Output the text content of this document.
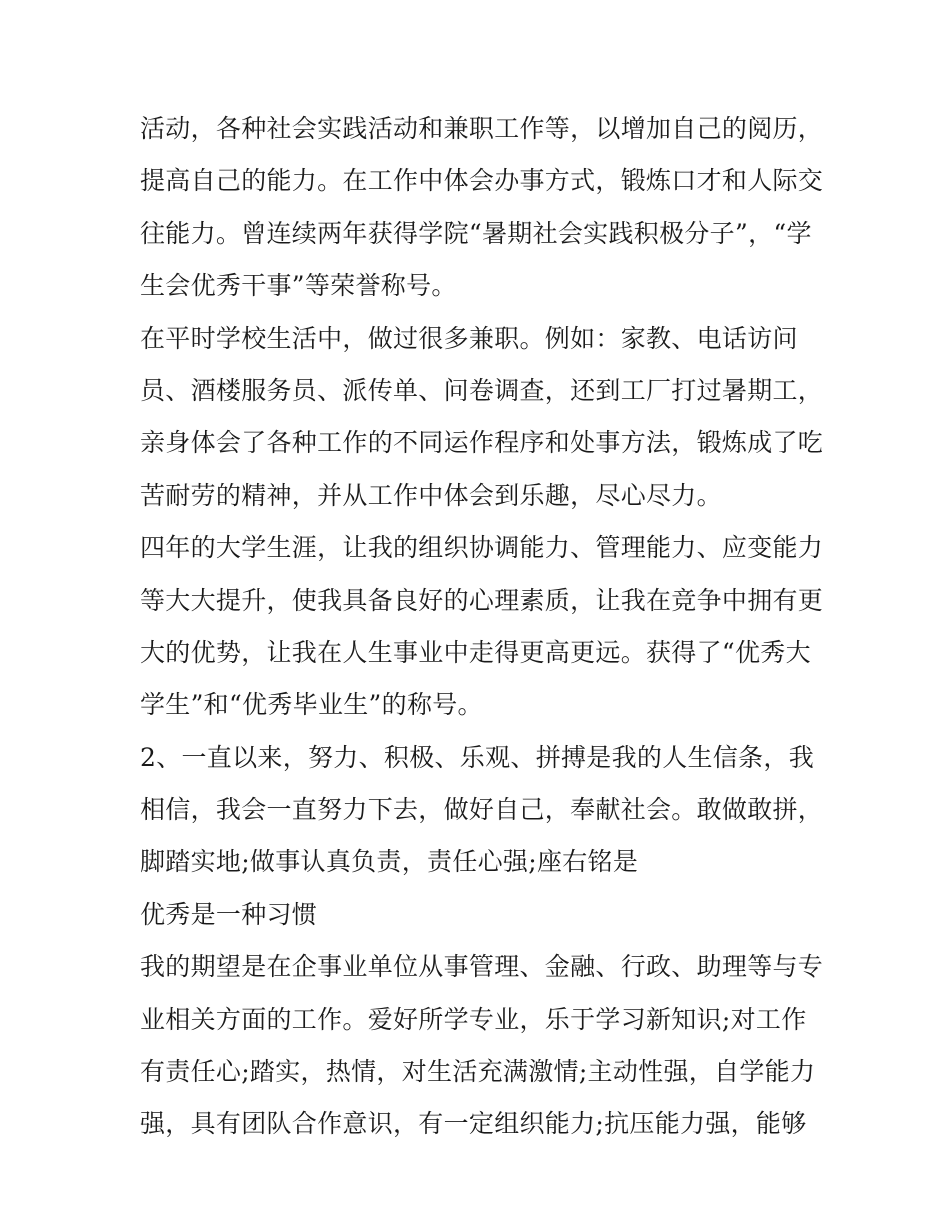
活动，各种社会实践活动和兼职工作等，以增加自己的阅历，
提高自己的能力。在工作中体会办事方式，锻炼口才和人际交
往能力。曾连续两年获得学院“暑期社会实践积极分子”，“学
生会优秀干事”等荣誉称号。
在平时学校生活中，做过很多兼职。例如：家教、电话访问
员、酒楼服务员、派传单、问卷调查，还到工厂打过暑期工，
亲身体会了各种工作的不同运作程序和处事方法，锻炼成了吃
苦耐劳的精神，并从工作中体会到乐趣，尽心尽力。
四年的大学生涯，让我的组织协调能力、管理能力、应变能力
等大大提升，使我具备良好的心理素质，让我在竞争中拥有更
大的优势，让我在人生事业中走得更高更远。获得了“优秀大
学生”和“优秀毕业生”的称号。
2、一直以来，努力、积极、乐观、拼搏是我的人生信条，我
相信，我会一直努力下去，做好自己，奉献社会。敢做敢拼，
脚踏实地;做事认真负责，责任心强;座右铭是
优秀是一种习惯
我的期望是在企事业单位从事管理、金融、行政、助理等与专
业相关方面的工作。爱好所学专业，乐于学习新知识;对工作
有责任心;踏实，热情，对生活充满激情;主动性强，自学能力
强，具有团队合作意识，有一定组织能力;抗压能力强，能够
